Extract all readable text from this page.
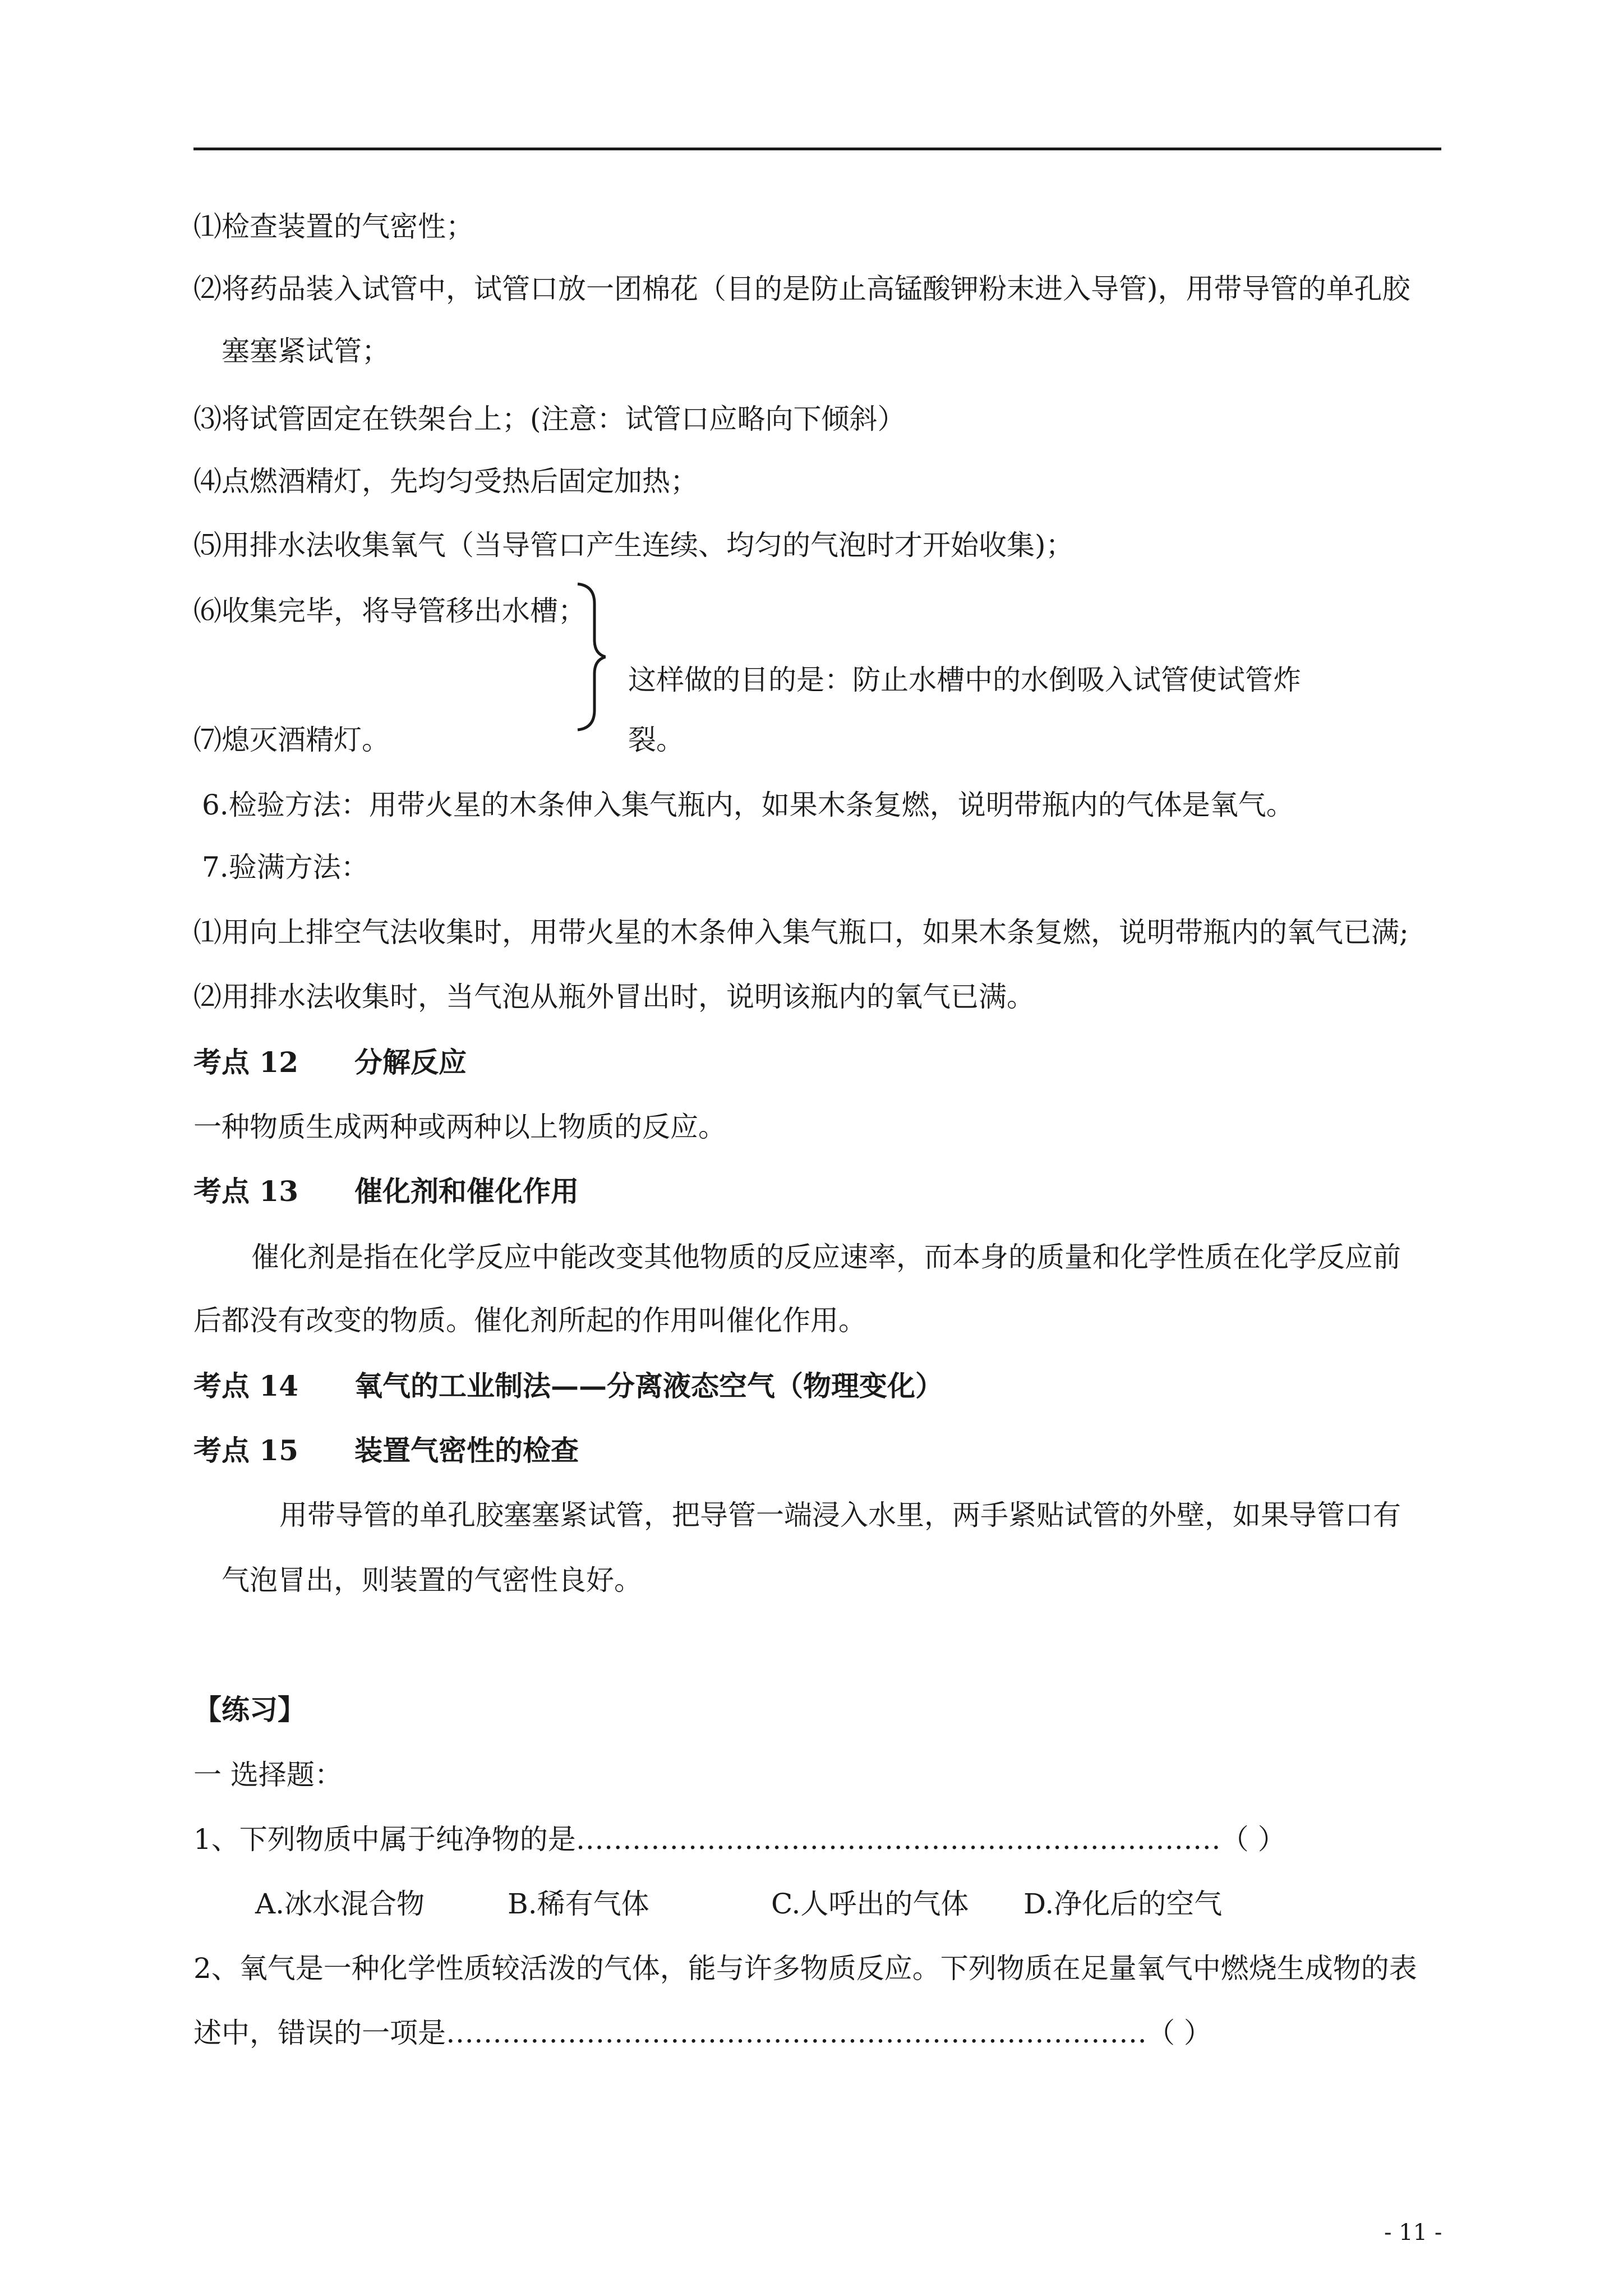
⑴检查装置的气密性；
⑵将药品装入试管中，试管口放一团棉花（目的是防止高锰酸钾粉末进入导管)，用带导管的单孔胶
塞塞紧试管；
⑶将试管固定在铁架台上；(注意：试管口应略向下倾斜）
⑷点燃酒精灯，先均匀受热后固定加热；
⑸用排水法收集氧气（当导管口产生连续、均匀的气泡时才开始收集)；
⑹收集完毕，将导管移出水槽；
这样做的目的是：防止水槽中的水倒吸入试管使试管炸
⑺熄灭酒精灯。	裂。
6.检验方法：用带火星的木条伸入集气瓶内，如果木条复燃，说明带瓶内的气体是氧气。
7.验满方法：
⑴用向上排空气法收集时，用带火星的木条伸入集气瓶口，如果木条复燃，说明带瓶内的氧气已满;
⑵用排水法收集时，当气泡从瓶外冒出时，说明该瓶内的氧气已满。
考点 12 分解反应
一种物质生成两种或两种以上物质的反应。
考点 13 催化剂和催化作用
催化剂是指在化学反应中能改变其他物质的反应速率，而本身的质量和化学性质在化学反应前
后都没有改变的物质。催化剂所起的作用叫催化作用。
考点 14 氧气的工业制法——分离液态空气（物理变化）
考点 15 装置气密性的检查
用带导管的单孔胶塞塞紧试管，把导管一端浸入水里，两手紧贴试管的外壁，如果导管口有
气泡冒出，则装置的气密性良好。
【练习】
一 选择题：
1、下列物质中属于纯净物的是……………………………………………………………（ ）
A.冰水混合物	B.稀有气体	C.人呼出的气体 D.净化后的空气
2、氧气是一种化学性质较活泼的气体，能与许多物质反应。下列物质在足量氧气中燃烧生成物的表
述中，错误的一项是…………………………………………………………………（ ）
- 11 -
